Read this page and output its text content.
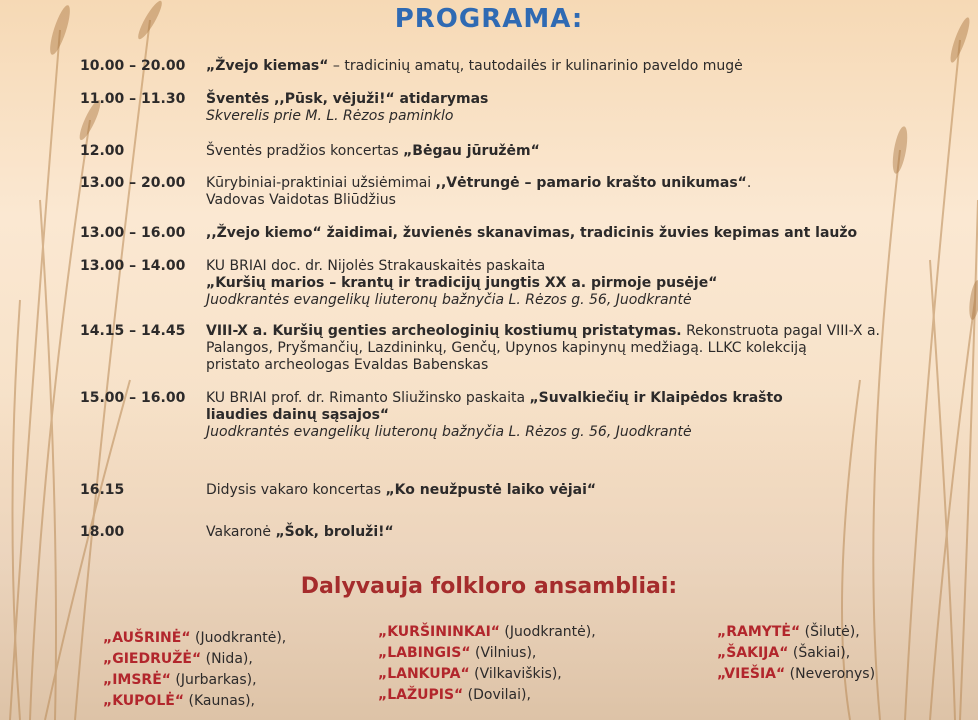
PROGRAMA:
10.00 – 20.00	„Žvejo kiemas“ – tradicinių amatų, tautodailės ir kulinarinio paveldo mugė
11.00 – 11.30	Šventės ,,Pūsk, vėjuži!“ atidarymas
Skverelis prie M. L. Rėzos paminklo
12.00	Šventės pradžios koncertas „Bėgau jūružėm“
13.00 – 20.00	Kūrybiniai-praktiniai užsiėmimai ,,Vėtrungė – pamario krašto unikumas“.
Vadovas Vaidotas Bliūdžius
13.00 – 16.00	,,Žvejo kiemo“ žaidimai, žuvienės skanavimas, tradicinis žuvies kepimas ant laužo
13.00 – 14.00	KU BRIAI doc. dr. Nijolės Strakauskaitės paskaita
„Kuršių marios – krantų ir tradicijų jungtis XX a. pirmoje pusėje“
Juodkrantės evangelikų liuteronų bažnyčia L. Rėzos g. 56, Juodkrantė
14.15 – 14.45	VIII-X a. Kuršių genties archeologinių kostiumų pristatymas. Rekonstruota pagal VIII-X a.
Palangos, Pryšmančių, Lazdininkų, Genčų, Upynos kapinynų medžiagą. LLKC kolekciją
pristato archeologas Evaldas Babenskas
15.00 – 16.00	KU BRIAI prof. dr. Rimanto Sliužinsko paskaita „Suvalkiečių ir Klaipėdos krašto
liaudies dainų sąsajos“
Juodkrantės evangelikų liuteronų bažnyčia L. Rėzos g. 56, Juodkrantė
16.15	Didysis vakaro koncertas „Ko neužpustė laiko vėjai“
18.00	Vakaronė „Šok, broluži!“
Dalyvauja folkloro ansambliai:
„AUŠRINĖ“ (Juodkrantė),
„GIEDRUŽĖ“ (Nida),
„IMSRĖ“ (Jurbarkas),
„KUPOLĖ“ (Kaunas),
„KURŠININKAI“ (Juodkrantė),
„LABINGIS“ (Vilnius),
„LANKUPA“ (Vilkaviškis),
„LAŽUPIS“ (Dovilai),
„RAMYTĖ“ (Šilutė),
„ŠAKIJA“ (Šakiai),
„VIEŠIA“ (Neveronys)
